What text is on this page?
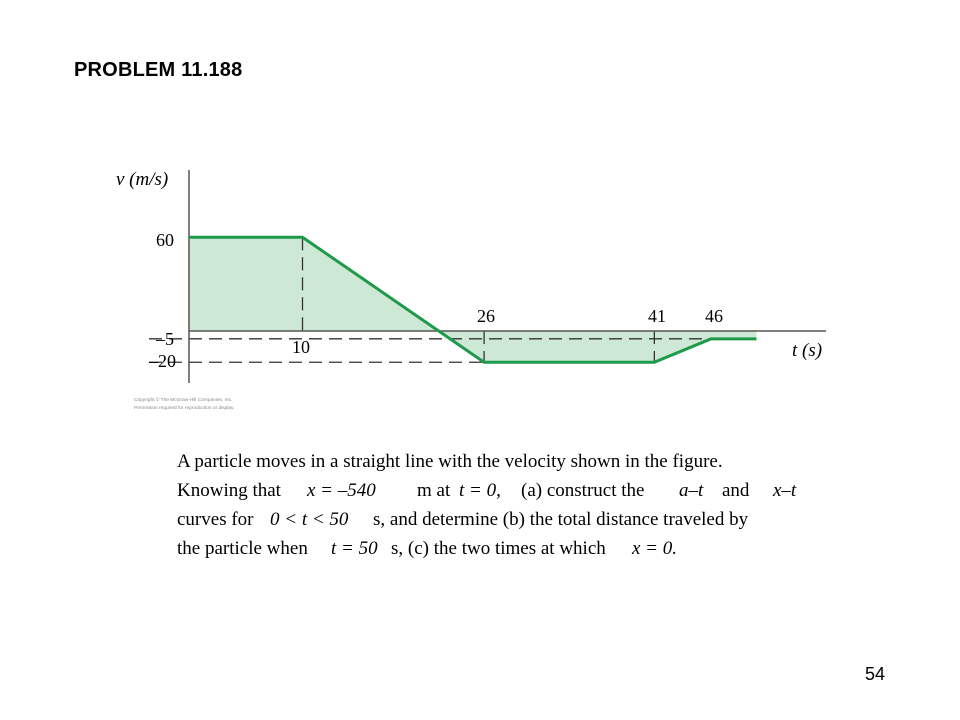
PROBLEM 11.188
v (m/s)
t (s)
60
–5
–20
10
26	41 46
Copyright © The McGraw-Hill Companies, Inc.
Permission required for reproduction or display.
A particle moves in a straight line with the velocity shown in the figure.
Knowing that x = –540 m at t = 0, (a) construct the a–t and x–t
curves for 0 < t < 50 s, and determine (b) the total distance traveled by
the particle when t = 50 s, (c) the two times at which x = 0.
54
